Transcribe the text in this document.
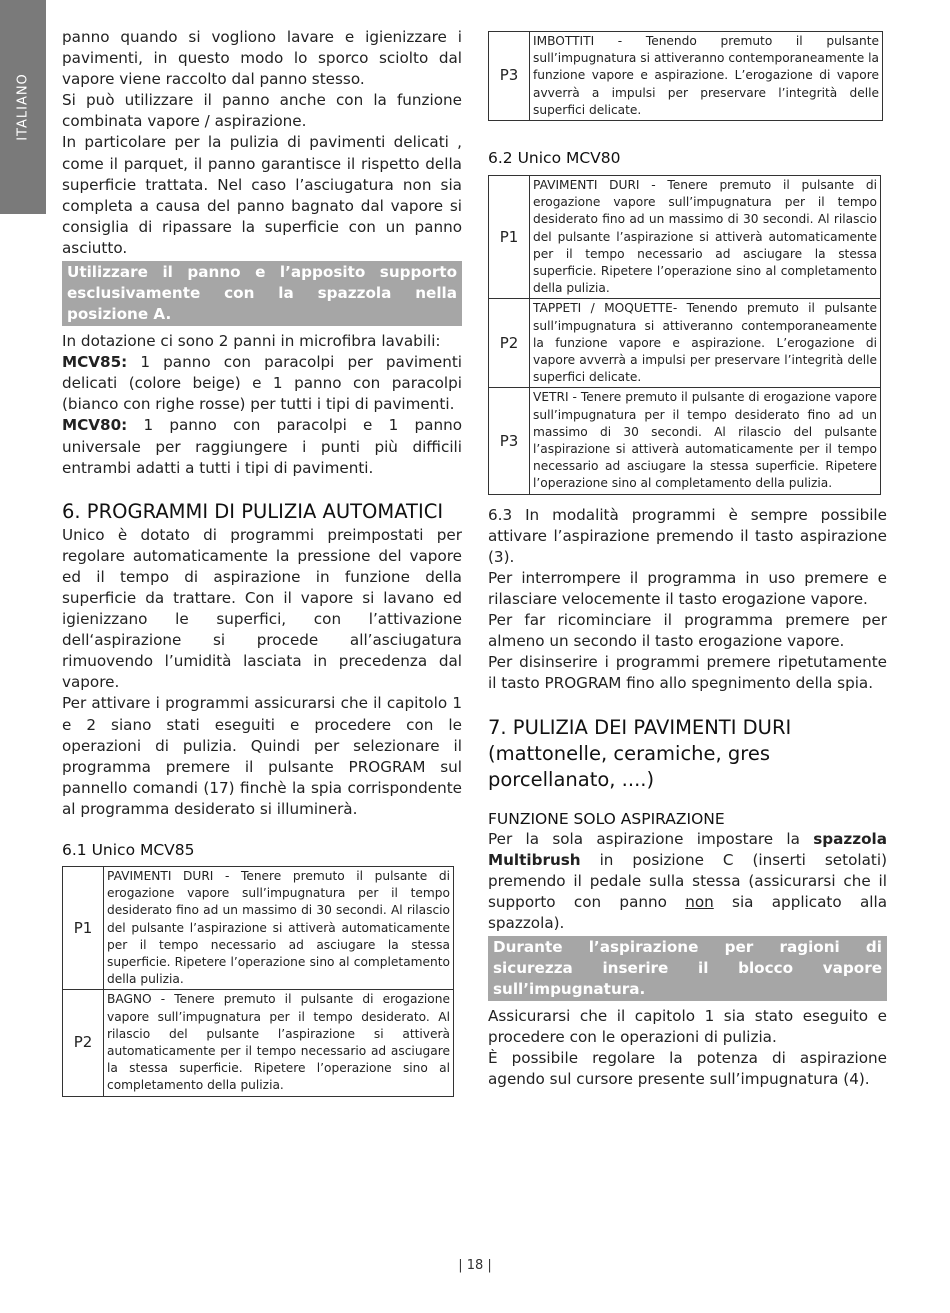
ITALIANO

panno quando si vogliono lavare e igienizzare i pavimenti, in questo modo lo sporco sciolto dal vapore viene raccolto dal panno stesso.

Si può utilizzare il panno anche con la funzione combinata vapore / aspirazione.

In particolare per la pulizia di pavimenti delicati , come il parquet, il panno garantisce il rispetto della superficie trattata. Nel caso l’asciugatura non sia completa a causa del panno bagnato dal vapore si consiglia di ripassare la superficie con un panno asciutto.

Utilizzare il panno e l’apposito supporto esclusivamente con la spazzola nella posizione A.

In dotazione ci sono 2 panni in microfibra lavabili:

MCV85: 1 panno con paracolpi per pavimenti delicati (colore beige) e 1 panno con paracolpi (bianco con righe rosse) per tutti i tipi di pavimenti.

MCV80: 1 panno con paracolpi e 1 panno universale per raggiungere i punti più difficili entrambi adatti a tutti i tipi di pavimenti.

6. PROGRAMMI DI PULIZIA AUTOMATICI

Unico è dotato di programmi preimpostati per regolare automaticamente la pressione del vapore ed il tempo di aspirazione in funzione della superficie da trattare. Con il vapore si lavano ed igienizzano le superfici, con l’attivazione dell‘aspirazione si procede all’asciugatura rimuovendo l’umidità lasciata in precedenza dal vapore.

Per attivare i programmi assicurarsi che il capitolo 1 e 2 siano stati eseguiti e procedere con le operazioni di pulizia. Quindi per selezionare il programma premere il pulsante PROGRAM sul pannello comandi (17) finchè la spia corrispondente al programma desiderato si illuminerà.

6.1 Unico MCV85
P1	PAVIMENTI DURI - Tenere premuto il pulsante di erogazione vapore sull’impugnatura per il tempo desiderato fino ad un massimo di 30 secondi. Al rilascio del pulsante l’aspirazione si attiverà automaticamente per il tempo necessario ad asciugare la stessa superficie. Ripetere l’operazione sino al completamento della pulizia.
P2	BAGNO - Tenere premuto il pulsante di erogazione vapore sull’impugnatura per il tempo desiderato. Al rilascio del pulsante l’aspirazione si attiverà automaticamente per il tempo necessario ad asciugare la stessa superficie. Ripetere l’operazione sino al completamento della pulizia.
P3	IMBOTTITI - Tenendo premuto il pulsante sull’impugnatura si attiveranno contemporaneamente la funzione vapore e aspirazione. L’erogazione di vapore avverrà a impulsi per preservare l’integrità delle superfici delicate.
6.2 Unico MCV80
P1	PAVIMENTI DURI - Tenere premuto il pulsante di erogazione vapore sull’impugnatura per il tempo desiderato fino ad un massimo di 30 secondi. Al rilascio del pulsante l’aspirazione si attiverà automaticamente per il tempo necessario ad asciugare la stessa superficie. Ripetere l’operazione sino al completamento della pulizia.
P2	TAPPETI / MOQUETTE- Tenendo premuto il pulsante sull’impugnatura si attiveranno contemporaneamente la funzione vapore e aspirazione. L’erogazione di vapore avverrà a impulsi per preservare l’integrità delle superfici delicate.
P3	VETRI - Tenere premuto il pulsante di erogazione vapore sull’impugnatura per il tempo desiderato fino ad un massimo di 30 secondi. Al rilascio del pulsante l’aspirazione si attiverà automaticamente per il tempo necessario ad asciugare la stessa superficie. Ripetere l’operazione sino al completamento della pulizia.

6.3 In modalità programmi è sempre possibile attivare l’aspirazione premendo il tasto aspirazione (3).

Per interrompere il programma in uso premere e rilasciare velocemente il tasto erogazione vapore.

Per far ricominciare il programma premere per almeno un secondo il tasto erogazione vapore.

Per disinserire i programmi premere ripetutamente il tasto PROGRAM fino allo spegnimento della spia.

7. PULIZIA DEI PAVIMENTI DURI (mattonelle, ceramiche, gres porcellanato, ....)
FUNZIONE SOLO ASPIRAZIONE

Per la sola aspirazione impostare la spazzola Multibrush in posizione C (inserti setolati) premendo il pedale sulla stessa (assicurarsi che il supporto con panno non sia applicato alla spazzola).

Durante l’aspirazione per ragioni di sicurezza inserire il blocco vapore sull’impugnatura.

Assicurarsi che il capitolo 1 sia stato eseguito e procedere con le operazioni di pulizia.

È possibile regolare la potenza di aspirazione agendo sul cursore presente sull’impugnatura (4).

| 18 |
